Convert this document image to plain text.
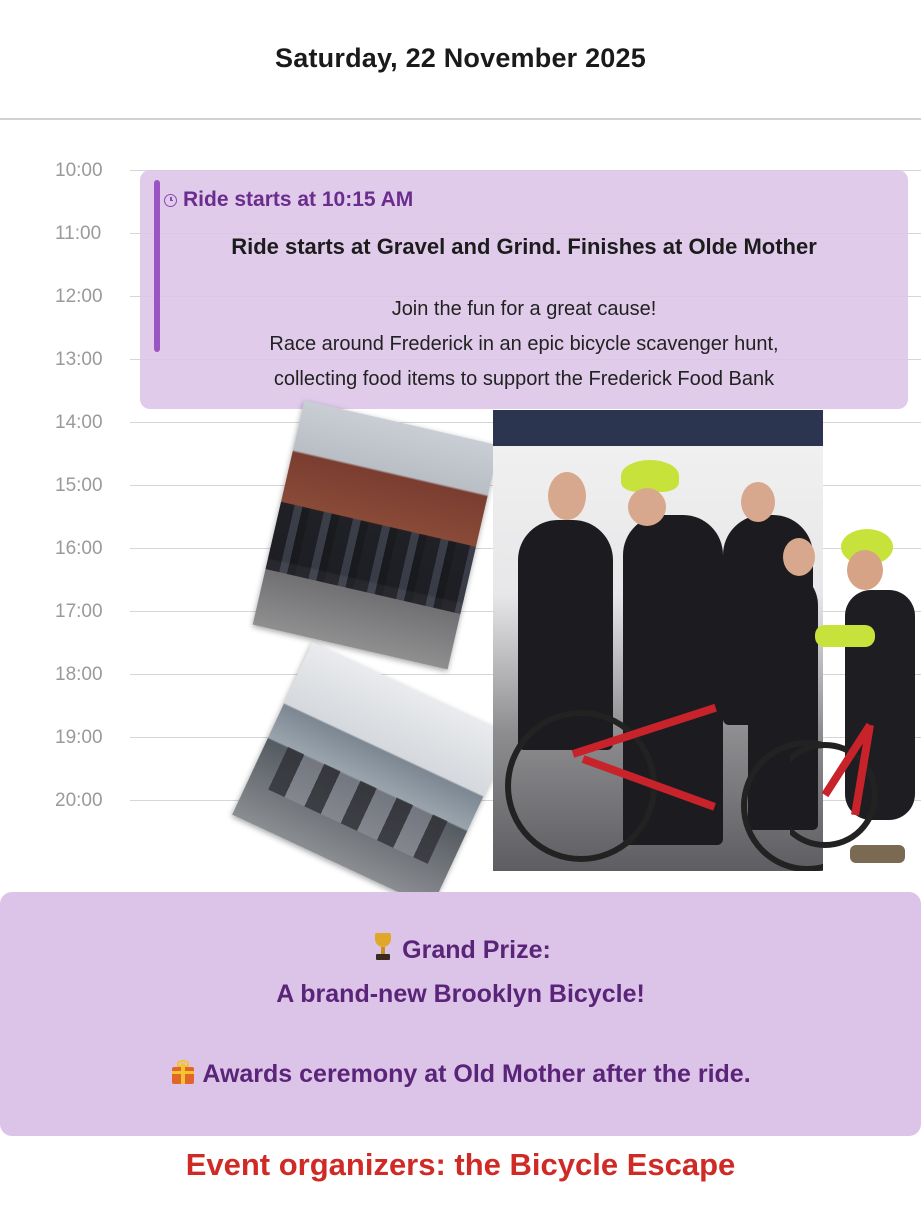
Saturday, 22 November 2025
10:00
11:00
12:00
13:00
14:00
15:00
16:00
17:00
18:00
19:00
20:00
Ride starts at 10:15 AM
Ride starts at Gravel and Grind. Finishes at Olde Mother
Join the fun for a great cause!
Race around Frederick in an epic bicycle scavenger hunt,
collecting food items to support the Frederick Food Bank
Grand Prize:
A brand-new Brooklyn Bicycle!
Awards ceremony at Old Mother after the ride.
Event organizers: the Bicycle Escape
